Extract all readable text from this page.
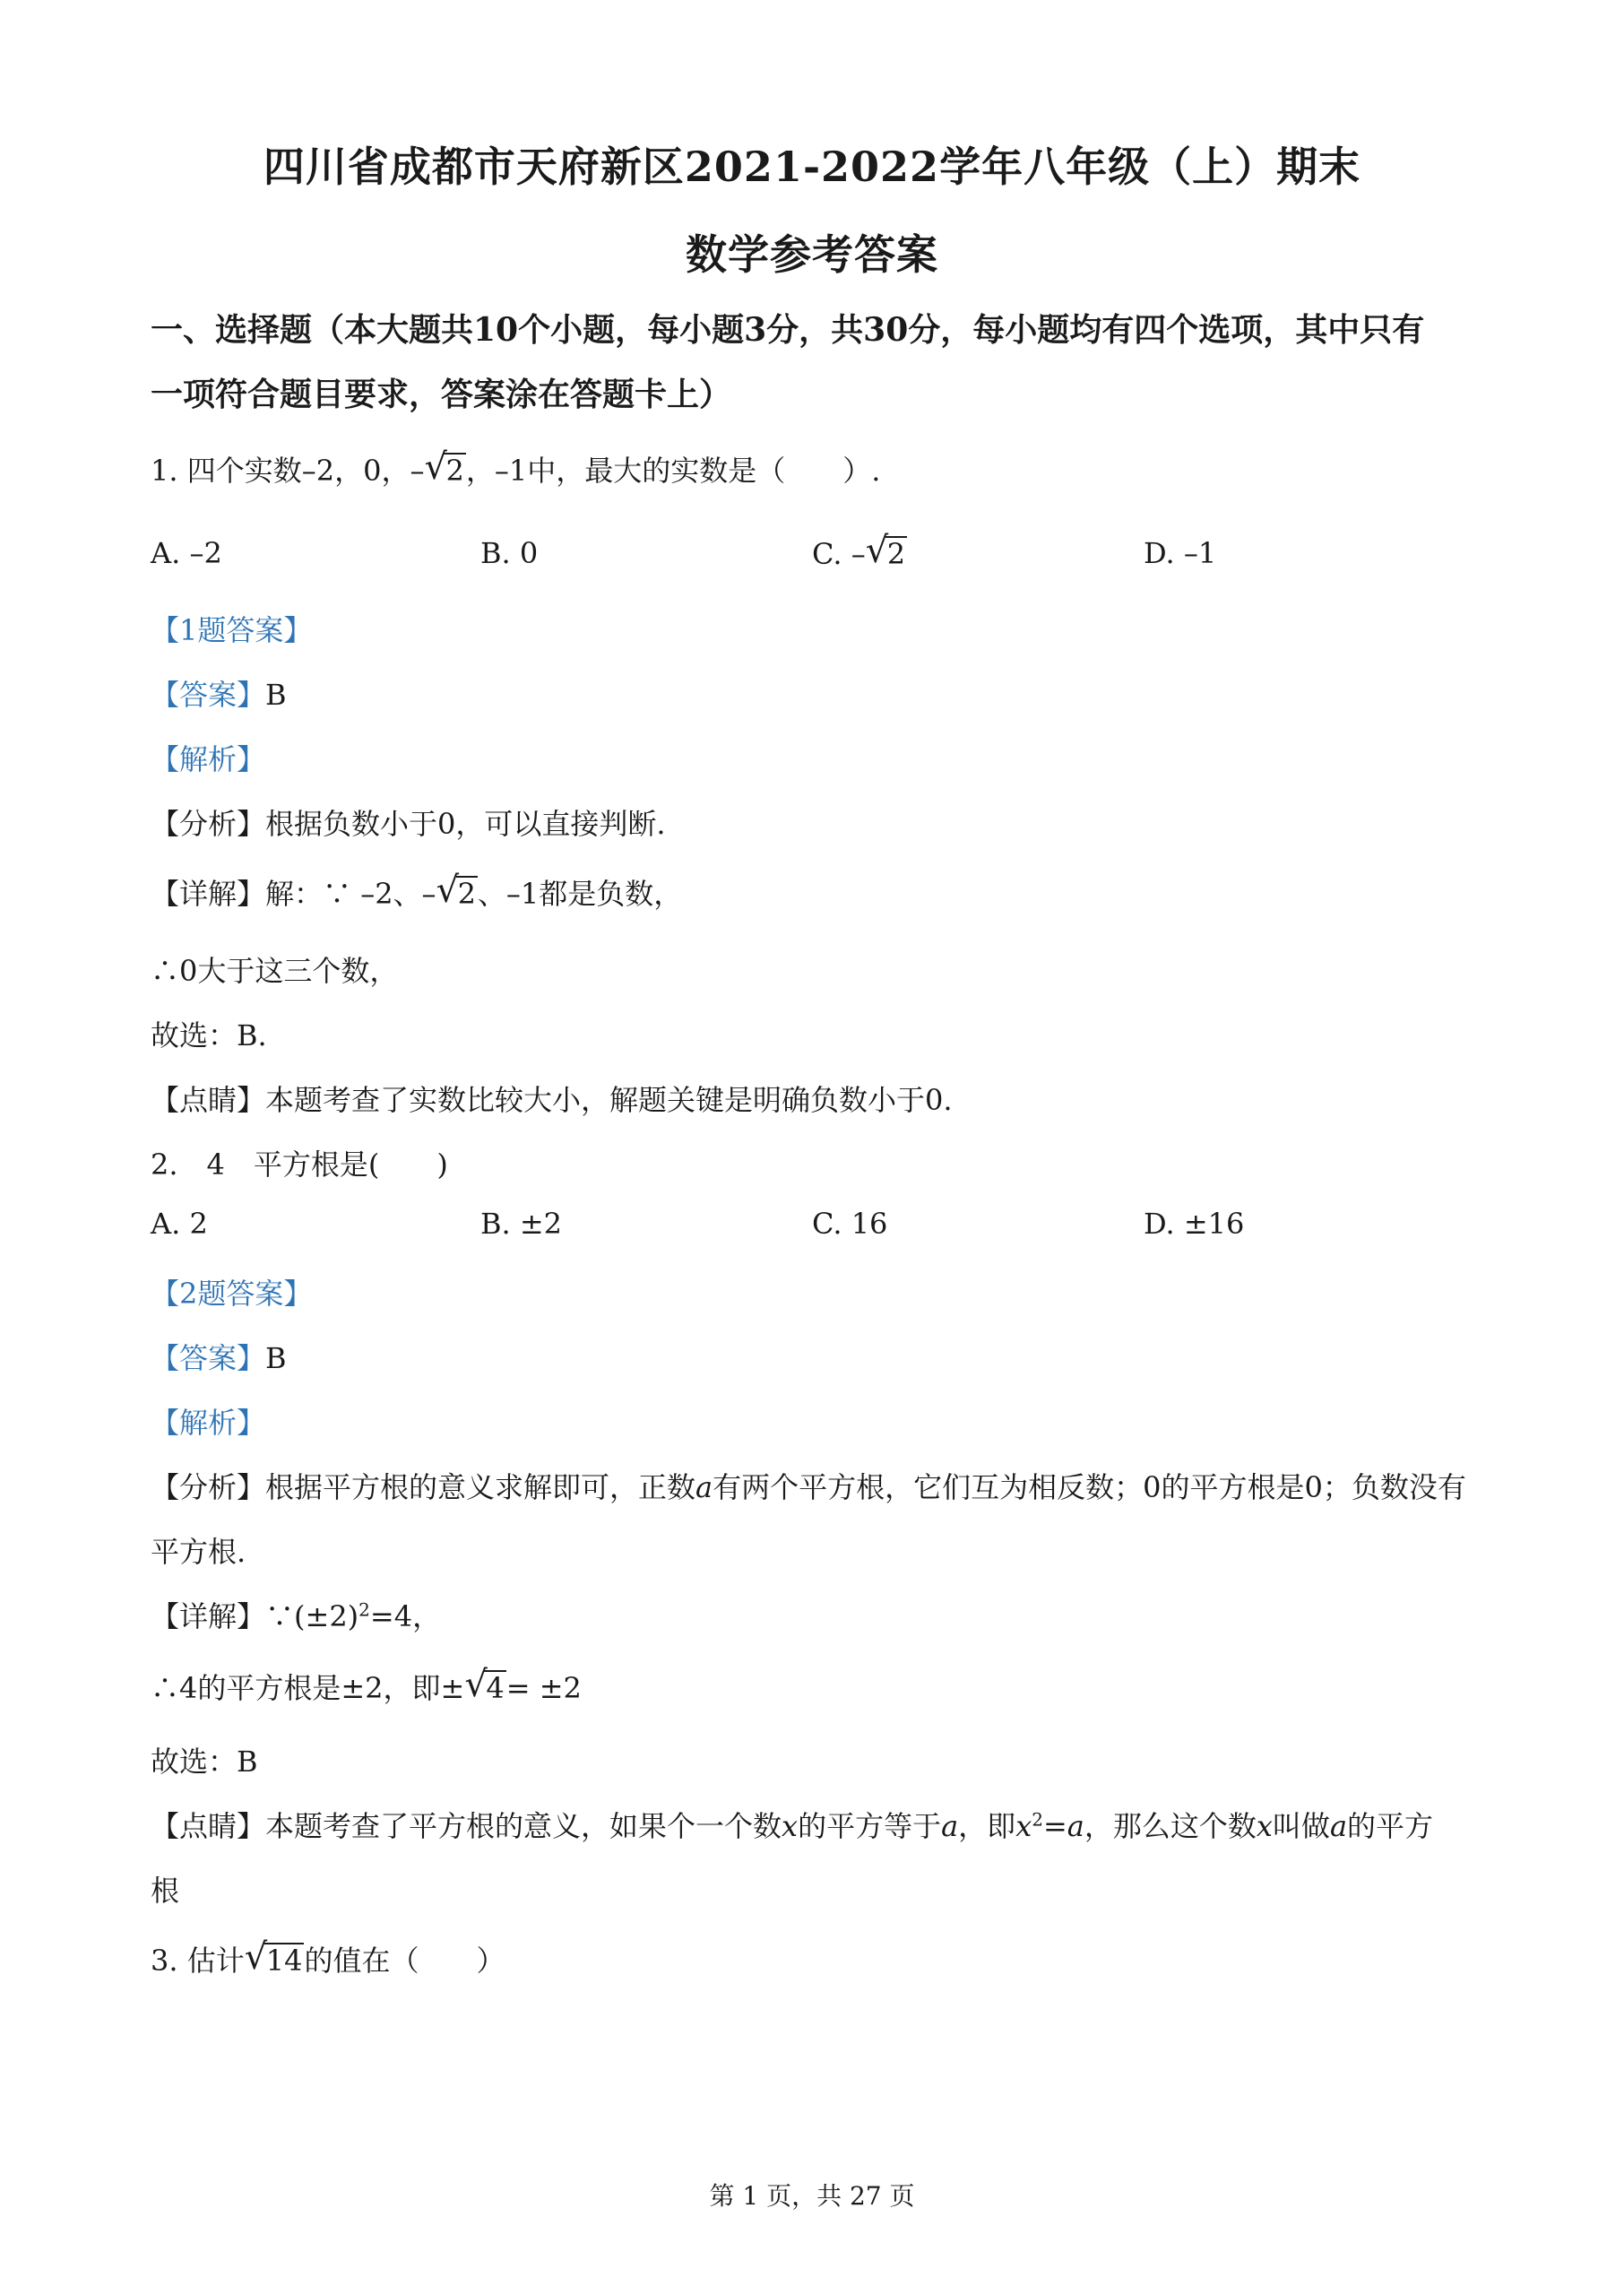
四川省成都市天府新区2021-2022学年八年级（上）期末
数学参考答案
一、选择题（本大题共10个小题，每小题3分，共30分，每小题均有四个选项，其中只有
一项符合题目要求，答案涂在答题卡上）
1. 四个实数–2，0，– √
2，–1中，最大的实数是（　　）.
A. –2	B. 0	C. – √
2	D. –1
【1题答案】
【答案】B
【解析】
【分析】根据负数小于0，可以直接判断.
【详解】解：∵ –2、– √
2、–1都是负数，
∴0大于这三个数，
故选：B.
【点睛】本题考查了实数比较大小，解题关键是明确负数小于0.
2.　4　平方根是(　　)
A. 2	B. ±2	C. 16	D. ±16
【2题答案】
【答案】B
【解析】
【分析】根据平方根的意义求解即可，正数a有两个平方根，它们互为相反数；0的平方根是0；负数没有
平方根.
【详解】$\because(\pm 2)^2=4$，
∴4的平方根是±2，即± √
4= ±2
故选：B
【点睛】本题考查了平方根的意义，如果个一个数x的平方等于a，即$x^2=a$，那么这个数x叫做a的平方
根
3. 估计 √
14的值在（　　）
第 1 页，共 27 页
